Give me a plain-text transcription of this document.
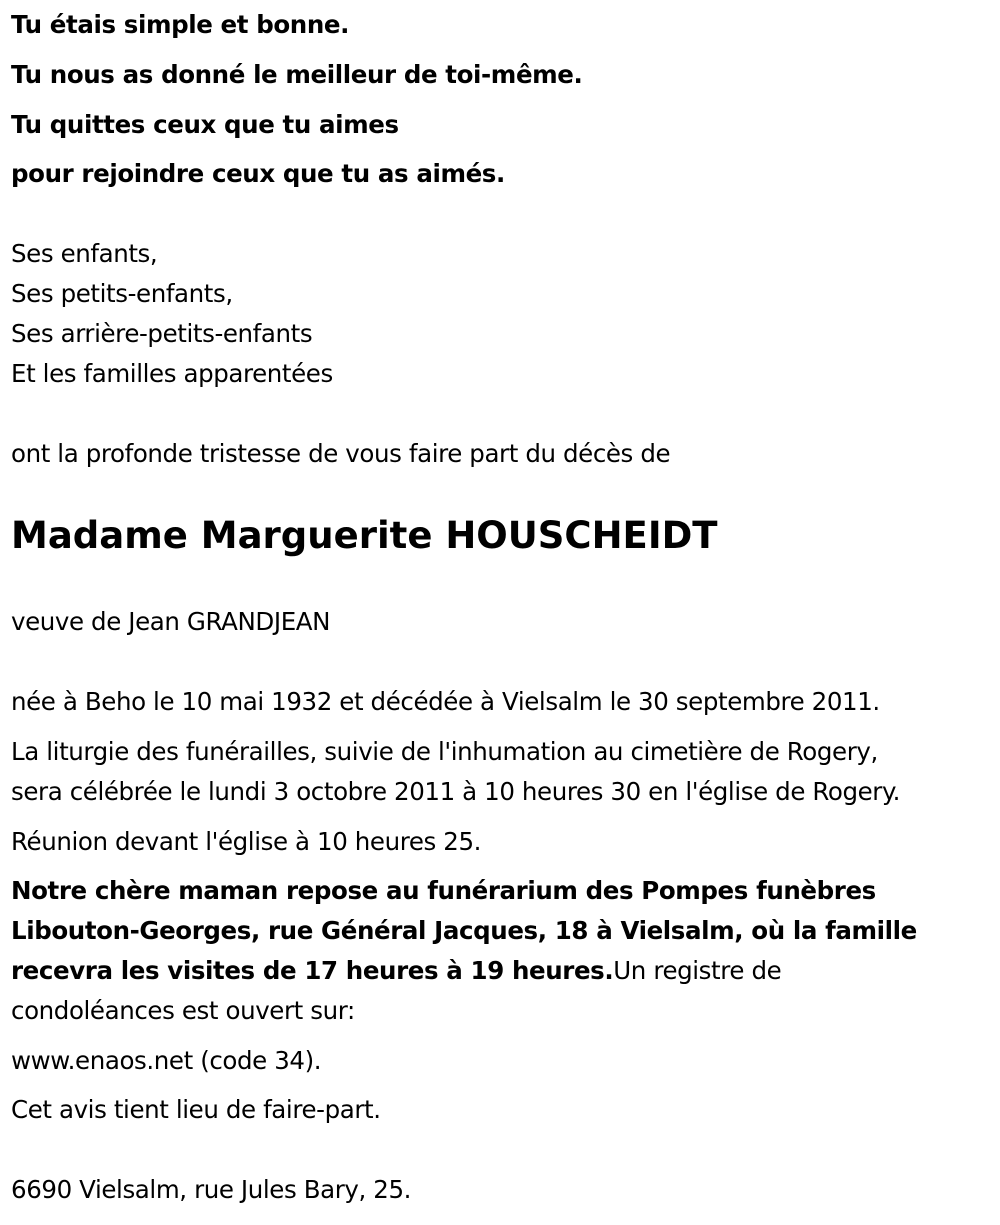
Tu étais simple et bonne.
Tu nous as donné le meilleur de toi-même.
Tu quittes ceux que tu aimes
pour rejoindre ceux que tu as aimés.
Ses enfants,
Ses petits-enfants,
Ses arrière-petits-enfants
Et les familles apparentées
ont la profonde tristesse de vous faire part du décès de
Madame Marguerite HOUSCHEIDT
veuve de Jean GRANDJEAN
née à Beho le 10 mai 1932 et décédée à Vielsalm le 30 septembre 2011.
La liturgie des funérailles, suivie de l'inhumation au cimetière de Rogery,
sera célébrée le lundi 3 octobre 2011 à 10 heures 30 en l'église de Rogery.
Réunion devant l'église à 10 heures 25.
Notre chère maman repose au funérarium des Pompes funèbres
Libouton-Georges, rue Général Jacques, 18 à Vielsalm, où la famille
recevra les visites de 17 heures à 19 heures.Un registre de
condoléances est ouvert sur:
www.enaos.net (code 34).
Cet avis tient lieu de faire-part.
6690 Vielsalm, rue Jules Bary, 25.
